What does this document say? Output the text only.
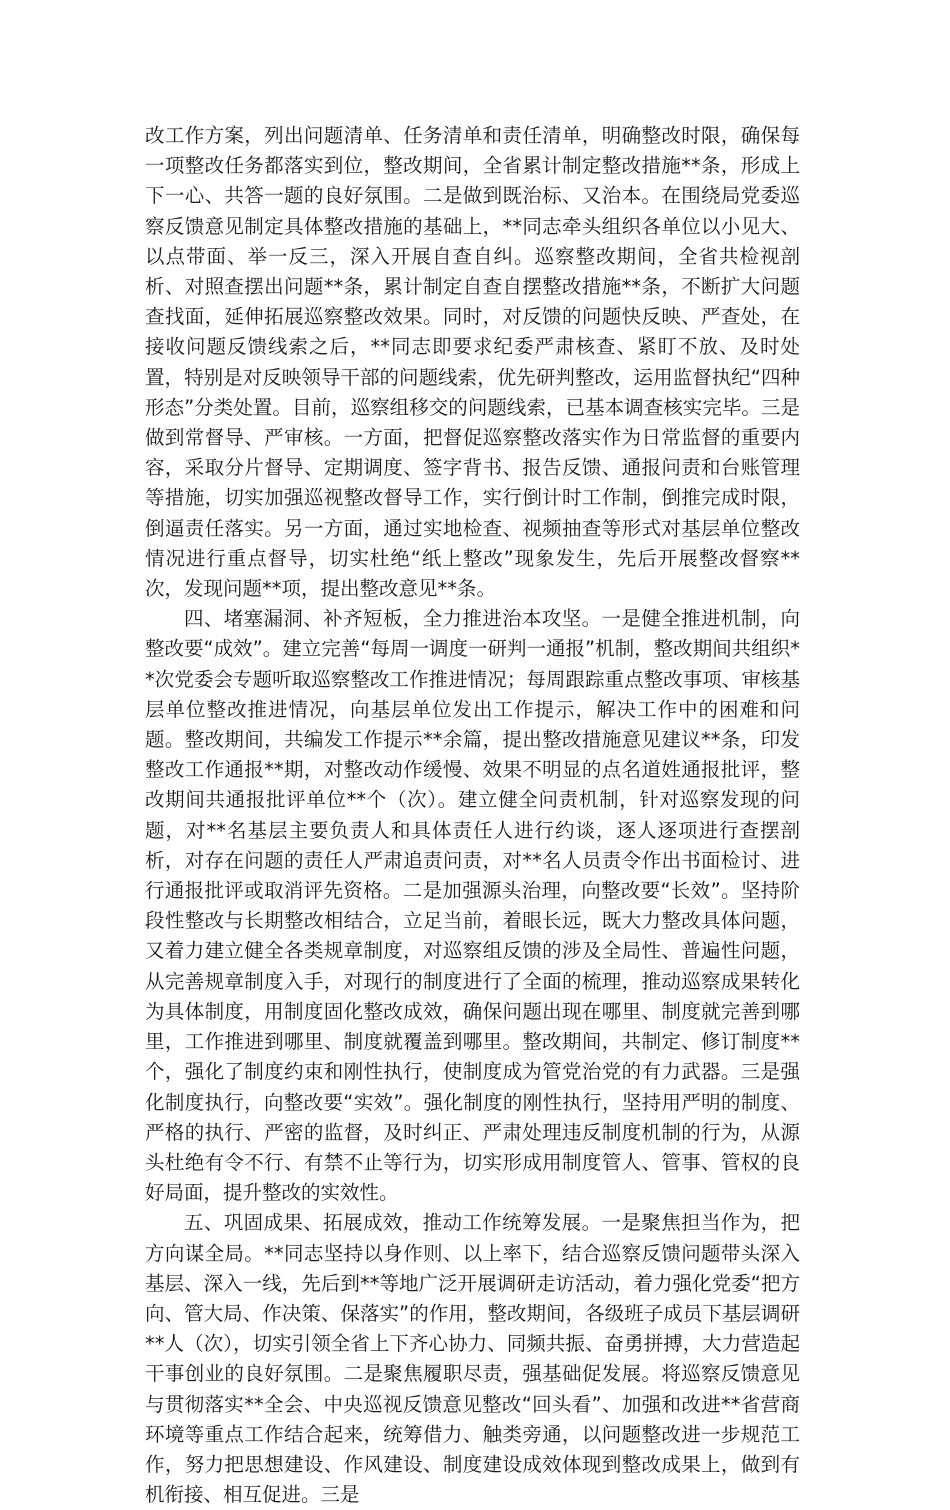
改工作方案，列出问题清单、任务清单和责任清单，明确整改时限，确保每一项整改任务都落实到位，整改期间，全省累计制定整改措施**条，形成上下一心、共答一题的良好氛围。二是做到既治标、又治本。在围绕局党委巡察反馈意见制定具体整改措施的基础上，**同志牵头组织各单位以小见大、以点带面、举一反三，深入开展自查自纠。巡察整改期间，全省共检视剖析、对照查摆出问题**条，累计制定自查自摆整改措施**条，不断扩大问题查找面，延伸拓展巡察整改效果。同时，对反馈的问题快反映、严查处，在接收问题反馈线索之后，**同志即要求纪委严肃核查、紧盯不放、及时处置，特别是对反映领导干部的问题线索，优先研判整改，运用监督执纪“四种形态”分类处置。目前，巡察组移交的问题线索，已基本调查核实完毕。三是做到常督导、严审核。一方面，把督促巡察整改落实作为日常监督的重要内容，采取分片督导、定期调度、签字背书、报告反馈、通报问责和台账管理等措施，切实加强巡视整改督导工作，实行倒计时工作制，倒推完成时限，倒逼责任落实。另一方面，通过实地检查、视频抽查等形式对基层单位整改情况进行重点督导，切实杜绝“纸上整改”现象发生，先后开展整改督察**次，发现问题**项，提出整改意见**条。

四、堵塞漏洞、补齐短板，全力推进治本攻坚。一是健全推进机制，向整改要“成效”。建立完善“每周一调度一研判一通报”机制，整改期间共组织**次党委会专题听取巡察整改工作推进情况；每周跟踪重点整改事项、审核基层单位整改推进情况，向基层单位发出工作提示，解决工作中的困难和问题。整改期间，共编发工作提示**余篇，提出整改措施意见建议**条，印发整改工作通报**期，对整改动作缓慢、效果不明显的点名道姓通报批评，整改期间共通报批评单位**个（次）。建立健全问责机制，针对巡察发现的问题，对**名基层主要负责人和具体责任人进行约谈，逐人逐项进行查摆剖析，对存在问题的责任人严肃追责问责，对**名人员责令作出书面检讨、进行通报批评或取消评先资格。二是加强源头治理，向整改要“长效”。坚持阶段性整改与长期整改相结合，立足当前，着眼长远，既大力整改具体问题，又着力建立健全各类规章制度，对巡察组反馈的涉及全局性、普遍性问题，从完善规章制度入手，对现行的制度进行了全面的梳理，推动巡察成果转化为具体制度，用制度固化整改成效，确保问题出现在哪里、制度就完善到哪里，工作推进到哪里、制度就覆盖到哪里。整改期间，共制定、修订制度**个，强化了制度约束和刚性执行，使制度成为管党治党的有力武器。三是强化制度执行，向整改要“实效”。强化制度的刚性执行，坚持用严明的制度、严格的执行、严密的监督，及时纠正、严肃处理违反制度机制的行为，从源头杜绝有令不行、有禁不止等行为，切实形成用制度管人、管事、管权的良好局面，提升整改的实效性。

五、巩固成果、拓展成效，推动工作统筹发展。一是聚焦担当作为，把方向谋全局。**同志坚持以身作则、以上率下，结合巡察反馈问题带头深入基层、深入一线，先后到**等地广泛开展调研走访活动，着力强化党委“把方向、管大局、作决策、保落实”的作用，整改期间，各级班子成员下基层调研**人（次），切实引领全省上下齐心协力、同频共振、奋勇拼搏，大力营造起干事创业的良好氛围。二是聚焦履职尽责，强基础促发展。将巡察反馈意见与贯彻落实**全会、中央巡视反馈意见整改“回头看”、加强和改进**省营商环境等重点工作结合起来，统筹借力、触类旁通，以问题整改进一步规范工作，努力把思想建设、作风建设、制度建设成效体现到整改成果上，做到有机衔接、相互促进。三是
